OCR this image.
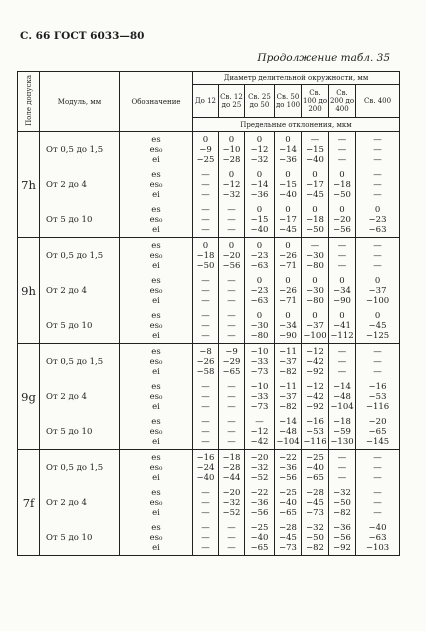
С. 66 ГОСТ 6033—80
Продолжение табл. 35
Поле допуска	Модуль, мм	Обозначение	Диаметр делительной окружности, мм						
			До 12	Св. 12 до 25	Св. 25 до 50	Св. 50 до 100	Св. 100 до 200	Св. 200 до 400	Св. 400
			Предельные отклонения, мкм						
7h	От 0,5 до 1,5	es
es₀
ei	0
−9
−25	0
−10
−28	0
−12
−32	0
−14
−36	—
−15
−40	—
—
—	—
—
—

	От 2 до 4	es
es₀
ei	—
—
—	0
−12
−32	0
−14
−36	0
−15
−40	0
−17
−45	0
−18
−50	—
—
—

	От 5 до 10	es
es₀
ei	—
—
—	—
—
—	0
−15
−40	0
−17
−45	0
−18
−50	0
−20
−56	0
−23
−63

9h	От 0,5 до 1,5	es
es₀
ei	0
−18
−50	0
−20
−56	0
−23
−63	0
−26
−71	—
−30
−80	—
—
—	—
—
—

	От 2 до 4	es
es₀
ei	—
—
—	—
—
—	0
−23
−63	0
−26
−71	0
−30
−80	0
−34
−90	0
−37
−100

	От 5 до 10	es
es₀
ei	—
—
—	—
—
—	0
−30
−80	0
−34
−90	0
−37
−100	0
−41
−112	0
−45
−125

9g	От 0,5 до 1,5	es
es₀
ei	−8
−26
−58	−9
−29
−65	−10
−33
−73	−11
−37
−82	−12
−42
−92	—
—
—	—
—
—

	От 2 до 4	es
es₀
ei	—
—
—	—
—
—	−10
−33
−73	−11
−37
−82	−12
−42
−92	−14
−48
−104	−16
−53
−116

	От 5 до 10	es
es₀
ei	—
—
—	—
—
—	—
−12
−42	−14
−48
−104	−16
−53
−116	−18
−59
−130	−20
−65
−145

7f	От 0,5 до 1,5	es
es₀
ei	−16
−24
−40	−18
−28
−44	−20
−32
−52	−22
−36
−56	−25
−40
−65	—
—
—	—
—
—

	От 2 до 4	es
es₀
ei	—
—
—	−20
−32
−52	−22
−36
−56	−25
−40
−65	−28
−45
−73	−32
−50
−82	—
—
—

	От 5 до 10	es
es₀
ei	—
—
—	—
—
—	−25
−40
−65	−28
−45
−73	−32
−50
−82	−36
−56
−92	−40
−63
−103
